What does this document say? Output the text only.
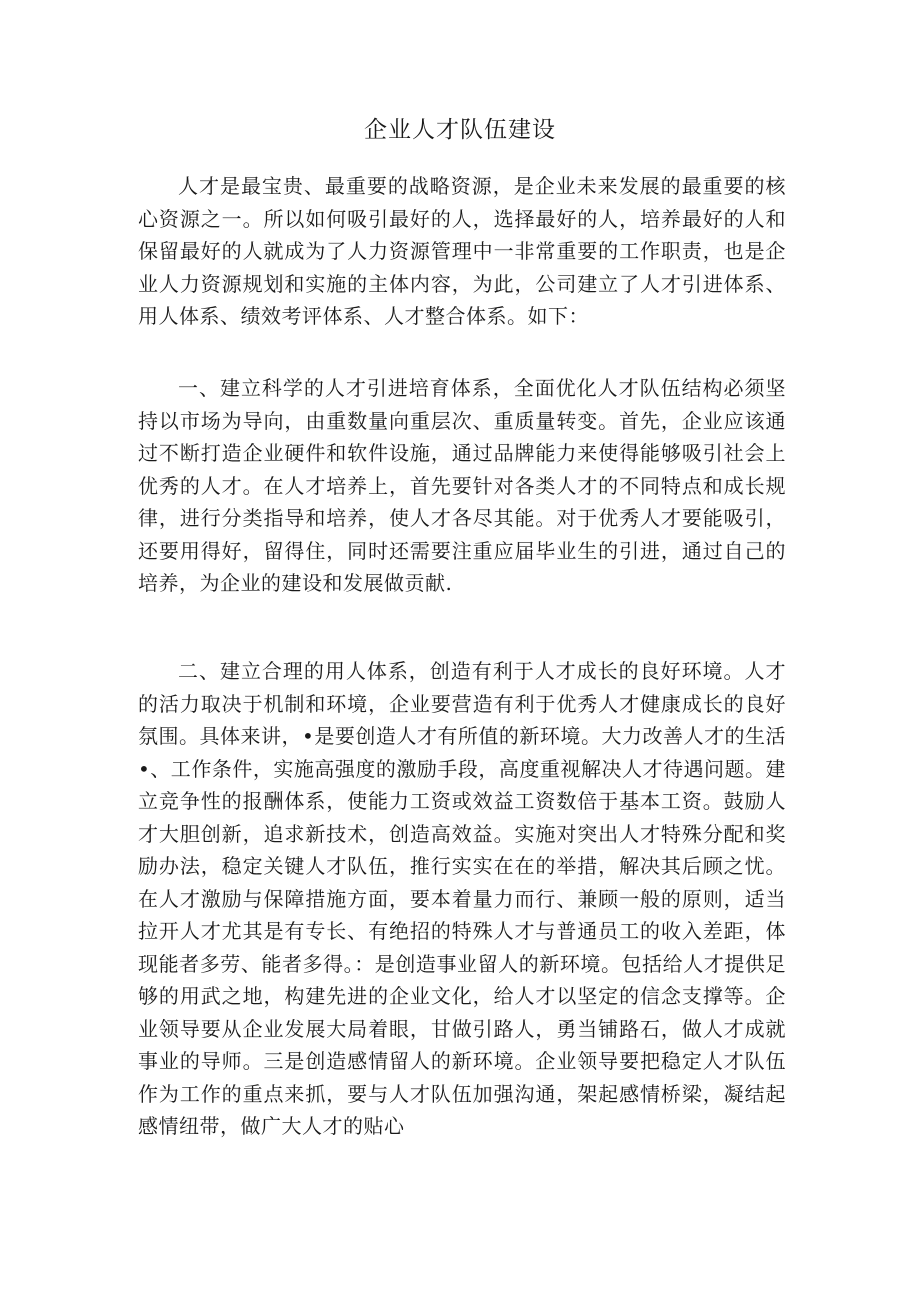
企业人才队伍建设

人才是最宝贵、最重要的战略资源，是企业未来发展的最重要的核心资源之一。所以如何吸引最好的人，选择最好的人，培养最好的人和保留最好的人就成为了人力资源管理中一非常重要的工作职责，也是企业人力资源规划和实施的主体内容，为此，公司建立了人才引进体系、用人体系、绩效考评体系、人才整合体系。如下：

一、建立科学的人才引进培育体系，全面优化人才队伍结构必须坚持以市场为导向，由重数量向重层次、重质量转变。首先，企业应该通过不断打造企业硬件和软件设施，通过品牌能力来使得能够吸引社会上优秀的人才。在人才培养上，首先要针对各类人才的不同特点和成长规律，进行分类指导和培养，使人才各尽其能。对于优秀人才要能吸引，还要用得好，留得住，同时还需要注重应届毕业生的引进，通过自己的培养，为企业的建设和发展做贡献.

二、建立合理的用人体系，创造有利于人才成长的良好环境。人才的活力取决于机制和环境，企业要营造有利于优秀人才健康成长的良好氛围。具体来讲，•是要创造人才有所值的新环境。大力改善人才的生活•、工作条件，实施高强度的激励手段，高度重视解决人才待遇问题。建立竞争性的报酬体系，使能力工资或效益工资数倍于基本工资。鼓励人才大胆创新，追求新技术，创造高效益。实施对突出人才特殊分配和奖励办法，稳定关键人才队伍，推行实实在在的举措，解决其后顾之忧。在人才激励与保障措施方面，要本着量力而行、兼顾一般的原则，适当拉开人才尤其是有专长、有绝招的特殊人才与普通员工的收入差距，体现能者多劳、能者多得。：是创造事业留人的新环境。包括给人才提供足够的用武之地，构建先进的企业文化，给人才以坚定的信念支撑等。企业领导要从企业发展大局着眼，甘做引路人，勇当铺路石，做人才成就事业的导师。三是创造感情留人的新环境。企业领导要把稳定人才队伍作为工作的重点来抓，要与人才队伍加强沟通，架起感情桥梁，凝结起感情纽带，做广大人才的贴心
